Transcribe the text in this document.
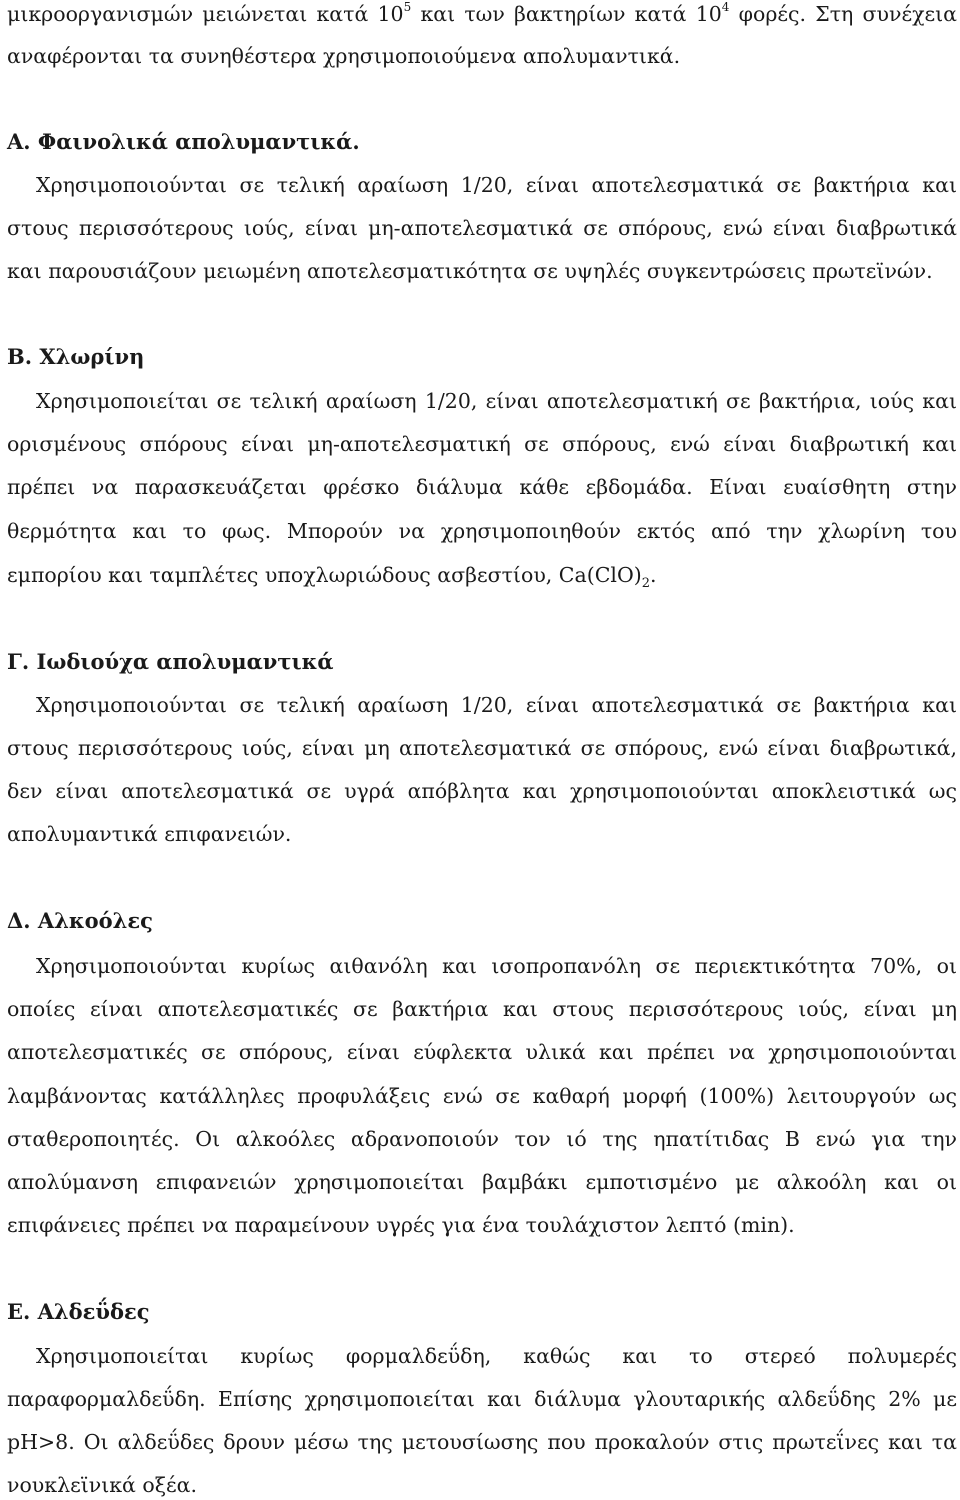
μικροοργανισμών μειώνεται κατά $10^5$ και των βακτηρίων κατά $10^4$ φορές. Στη συνέχεια
αναφέρονται τα συνηθέστερα χρησιμοποιούμενα απολυμαντικά.
Α. Φαινολικά απολυμαντικά.
Χρησιμοποιούνται σε τελική αραίωση 1/20, είναι αποτελεσματικά σε βακτήρια και
στους περισσότερους ιούς, είναι μη-αποτελεσματικά σε σπόρους, ενώ είναι διαβρωτικά
και παρουσιάζουν μειωμένη αποτελεσματικότητα σε υψηλές συγκεντρώσεις πρωτεϊνών.
Β. Χλωρίνη
Χρησιμοποιείται σε τελική αραίωση 1/20, είναι αποτελεσματική σε βακτήρια, ιούς και
ορισμένους σπόρους είναι μη-αποτελεσματική σε σπόρους, ενώ είναι διαβρωτική και
πρέπει να παρασκευάζεται φρέσκο διάλυμα κάθε εβδομάδα. Είναι ευαίσθητη στην
θερμότητα και το φως. Μπορούν να χρησιμοποιηθούν εκτός από την χλωρίνη του
εμπορίου και ταμπλέτες υποχλωριώδους ασβεστίου, $Ca(ClO)_2$.
Γ. Ιωδιούχα απολυμαντικά
Χρησιμοποιούνται σε τελική αραίωση 1/20, είναι αποτελεσματικά σε βακτήρια και
στους περισσότερους ιούς, είναι μη αποτελεσματικά σε σπόρους, ενώ είναι διαβρωτικά,
δεν είναι αποτελεσματικά σε υγρά απόβλητα και χρησιμοποιούνται αποκλειστικά ως
απολυμαντικά επιφανειών.
Δ. Αλκοόλες
Χρησιμοποιούνται κυρίως αιθανόλη και ισοπροπανόλη σε περιεκτικότητα 70%, οι
οποίες είναι αποτελεσματικές σε βακτήρια και στους περισσότερους ιούς, είναι μη
αποτελεσματικές σε σπόρους, είναι εύφλεκτα υλικά και πρέπει να χρησιμοποιούνται
λαμβάνοντας κατάλληλες προφυλάξεις ενώ σε καθαρή μορφή (100%) λειτουργούν ως
σταθεροποιητές. Οι αλκοόλες αδρανοποιούν τον ιό της ηπατίτιδας Β ενώ για την
απολύμανση επιφανειών χρησιμοποιείται βαμβάκι εμποτισμένο με αλκοόλη και οι
επιφάνειες πρέπει να παραμείνουν υγρές για ένα τουλάχιστον λεπτό (min).
Ε. Αλδεΰδες
Χρησιμοποιείται κυρίως φορμαλδεΰδη, καθώς και το στερεό πολυμερές
παραφορμαλδεΰδη. Επίσης χρησιμοποιείται και διάλυμα γλουταρικής αλδεΰδης 2% με
pH>8. Οι αλδεΰδες δρουν μέσω της μετουσίωσης που προκαλούν στις πρωτεΐνες και τα
νουκλεϊνικά οξέα.
